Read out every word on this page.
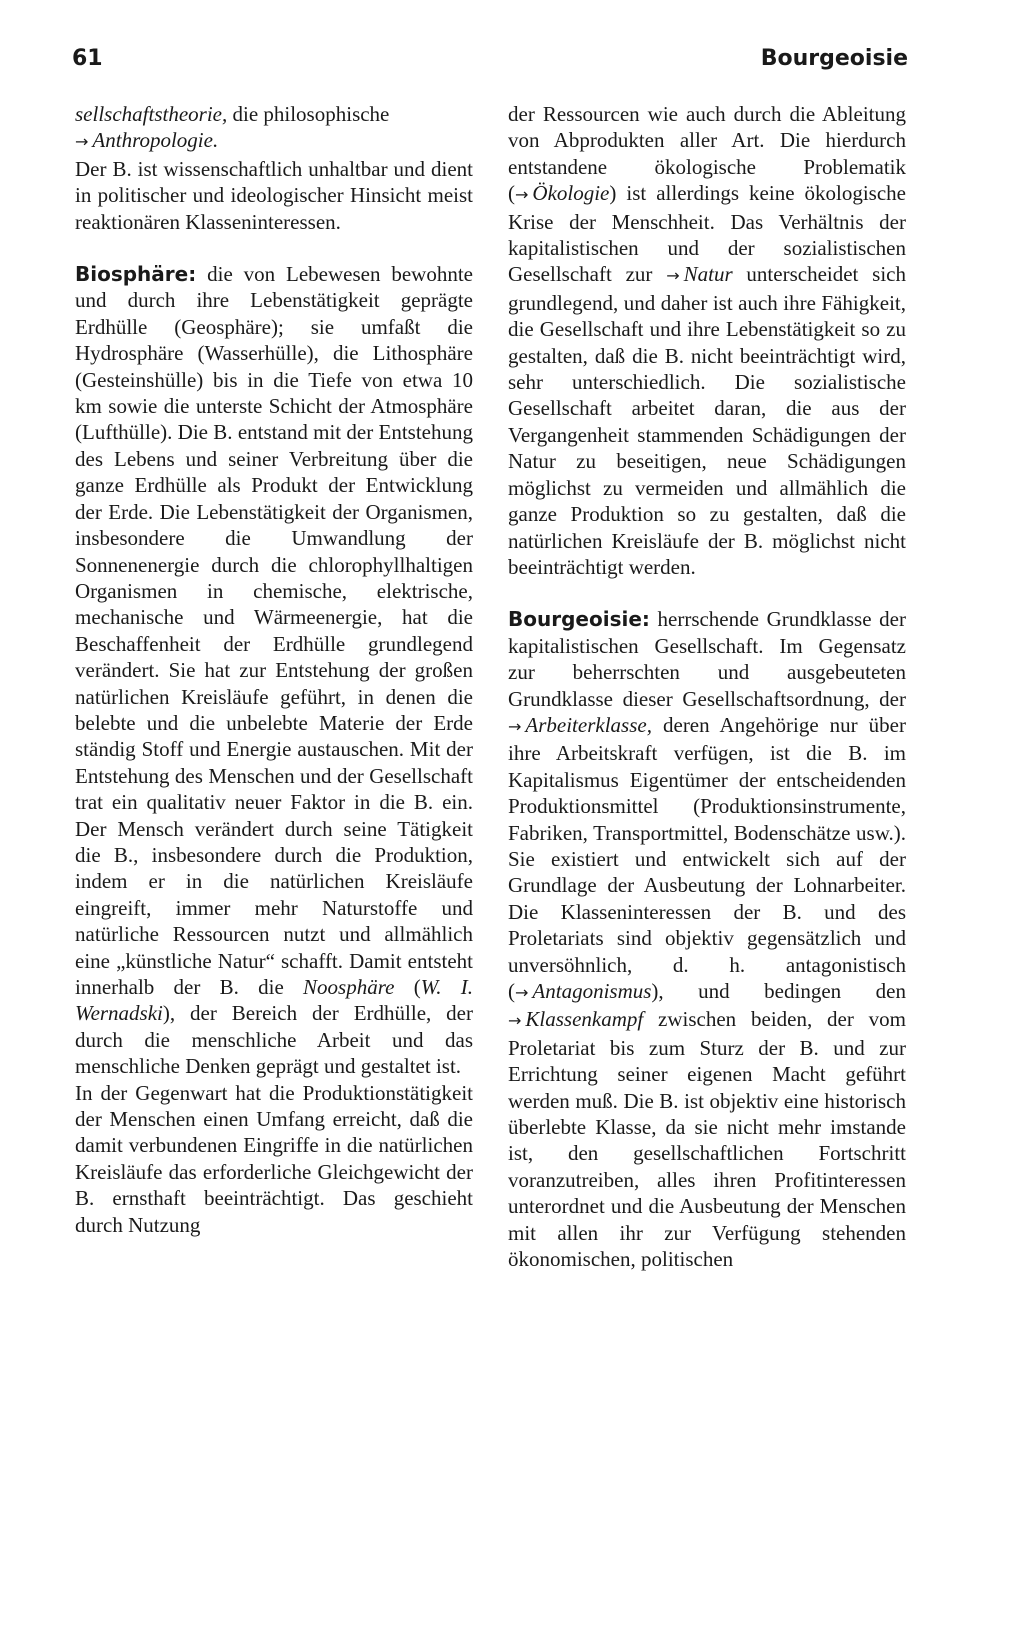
61	Bourgeoisie

sellschaftstheorie, die philosophische
→ Anthropologie.

Der B. ist wissenschaftlich unhaltbar und dient in politischer und ideologischer Hinsicht meist reaktionären Klasseninteressen.

Biosphäre: die von Lebewesen bewohnte und durch ihre Lebenstätigkeit geprägte Erdhülle (Geosphäre); sie umfaßt die Hydrosphäre (Wasserhülle), die Lithosphäre (Gesteinshülle) bis in die Tiefe von etwa 10 km sowie die unterste Schicht der Atmosphäre (Lufthülle). Die B. entstand mit der Entstehung des Lebens und seiner Verbreitung über die ganze Erdhülle als Produkt der Entwicklung der Erde. Die Lebenstätigkeit der Organismen, insbesondere die Umwandlung der Sonnenenergie durch die chlorophyllhaltigen Organismen in chemische, elektrische, mechanische und Wärmeenergie, hat die Beschaffenheit der Erdhülle grundlegend verändert. Sie hat zur Entstehung der großen natürlichen Kreisläufe geführt, in denen die belebte und die unbelebte Materie der Erde ständig Stoff und Energie austauschen. Mit der Entstehung des Menschen und der Gesellschaft trat ein qualitativ neuer Faktor in die B. ein. Der Mensch verändert durch seine Tätigkeit die B., insbesondere durch die Produktion, indem er in die natürlichen Kreisläufe eingreift, immer mehr Naturstoffe und natürliche Ressourcen nutzt und allmählich eine „künstliche Natur“ schafft. Damit entsteht innerhalb der B. die Noosphäre (W. I. Wernadski), der Bereich der Erdhülle, der durch die menschliche Arbeit und das menschliche Denken geprägt und gestaltet ist.

In der Gegenwart hat die Produktionstätigkeit der Menschen einen Umfang erreicht, daß die damit verbundenen Eingriffe in die natürlichen Kreisläufe das erforderliche Gleichgewicht der B. ernsthaft beeinträchtigt. Das geschieht durch Nutzung

der Ressourcen wie auch durch die Ableitung von Abprodukten aller Art. Die hierdurch entstandene ökologische Problematik (→ Ökologie) ist allerdings keine ökologische Krise der Menschheit. Das Verhältnis der kapitalistischen und der sozialistischen Gesellschaft zur → Natur unterscheidet sich grundlegend, und daher ist auch ihre Fähigkeit, die Gesellschaft und ihre Lebenstätigkeit so zu gestalten, daß die B. nicht beeinträchtigt wird, sehr unterschiedlich. Die sozialistische Gesellschaft arbeitet daran, die aus der Vergangenheit stammenden Schädigungen der Natur zu beseitigen, neue Schädigungen möglichst zu vermeiden und allmählich die ganze Produktion so zu gestalten, daß die natürlichen Kreisläufe der B. möglichst nicht beeinträchtigt werden.

Bourgeoisie: herrschende Grundklasse der kapitalistischen Gesellschaft. Im Gegensatz zur beherrschten und ausgebeuteten Grundklasse dieser Gesellschaftsordnung, der → Arbeiterklasse, deren Angehörige nur über ihre Arbeitskraft verfügen, ist die B. im Kapitalismus Eigentümer der entscheidenden Produktionsmittel (Produktionsinstrumente, Fabriken, Transportmittel, Bodenschätze usw.). Sie existiert und entwickelt sich auf der Grundlage der Ausbeutung der Lohnarbeiter. Die Klasseninteressen der B. und des Proletariats sind objektiv gegensätzlich und unversöhnlich, d. h. antagonistisch (→ Antagonismus), und bedingen den → Klassenkampf zwischen beiden, der vom Proletariat bis zum Sturz der B. und zur Errichtung seiner eigenen Macht geführt werden muß. Die B. ist objektiv eine historisch überlebte Klasse, da sie nicht mehr imstande ist, den gesellschaftlichen Fortschritt voranzutreiben, alles ihren Profitinteressen unterordnet und die Ausbeutung der Menschen mit allen ihr zur Verfügung stehenden ökonomischen, politischen
